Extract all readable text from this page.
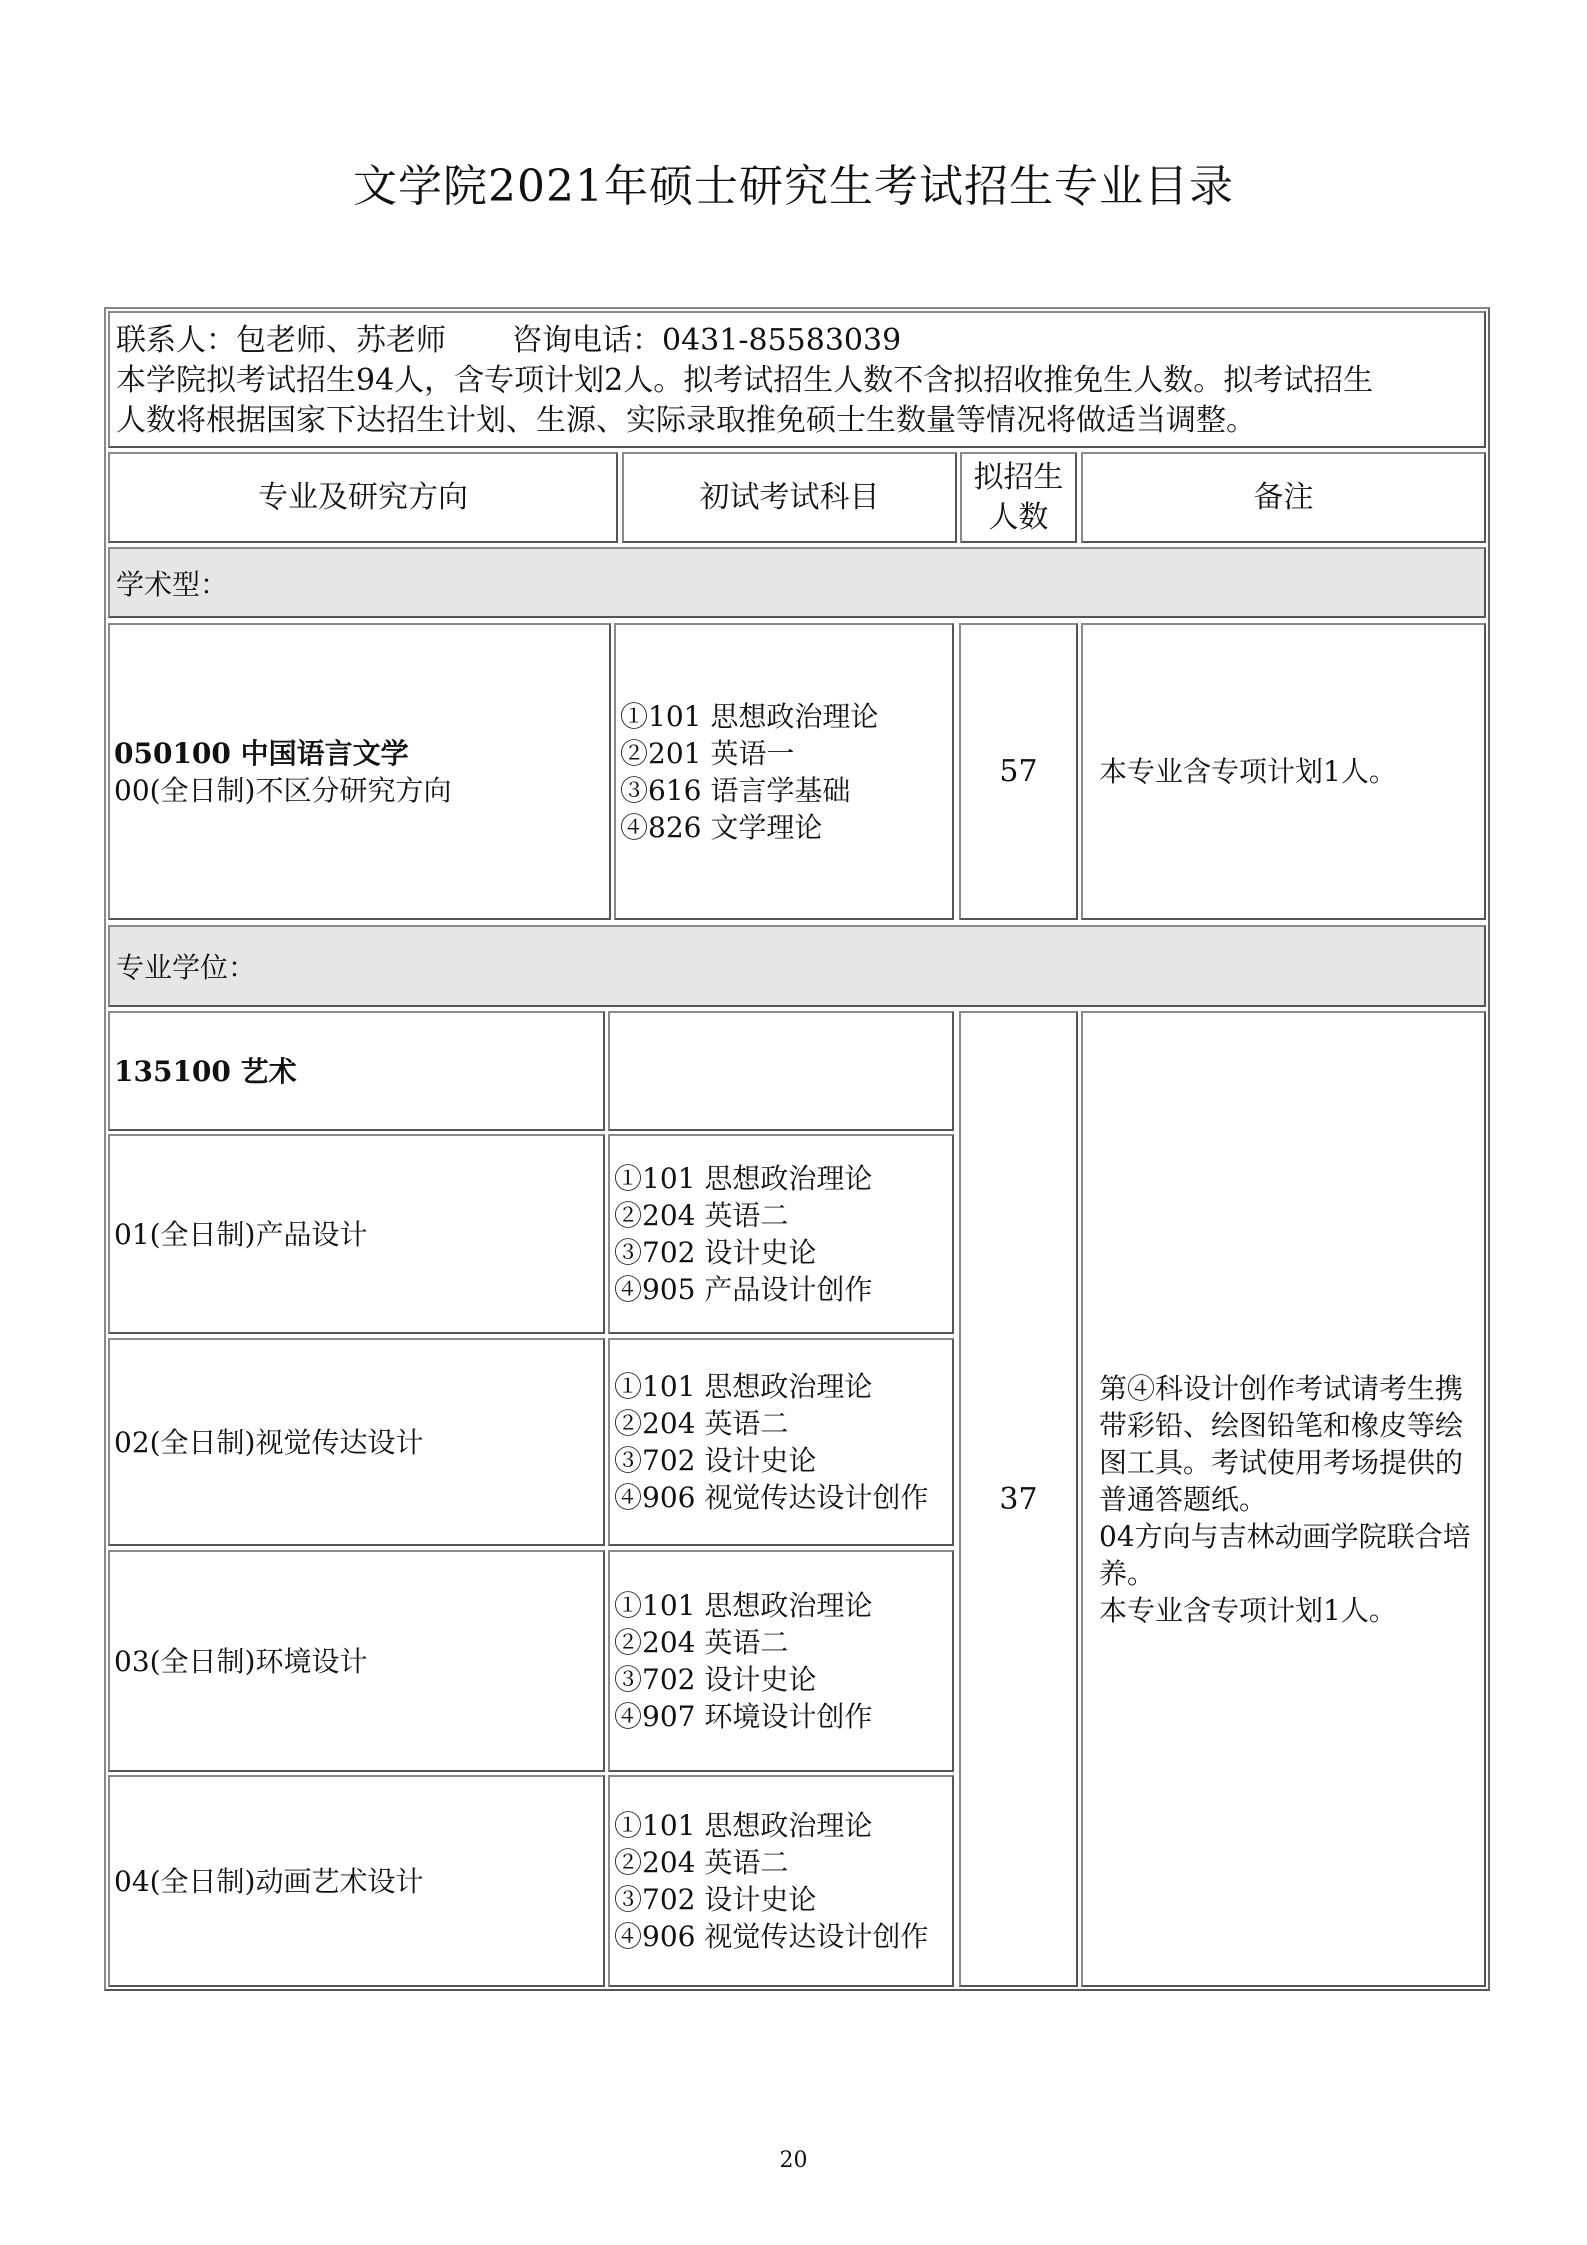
文学院2021年硕士研究生考试招生专业目录
联系人：包老师、苏老师 咨询电话：0431-85583039
本学院拟考试招生94人，含专项计划2人。拟考试招生人数不含拟招收推免生人数。拟考试招生
人数将根据国家下达招生计划、生源、实际录取推免硕士生数量等情况将做适当调整。
专业及研究方向	初试考试科目
拟招生
人数
备注
学术型：
050100 中国语言文学
00(全日制)不区分研究方向
①101 思想政治理论
②201 英语一
③616 语言学基础
④826 文学理论
57 本专业含专项计划1人。
专业学位：
135100 艺术
01(全日制)产品设计
①101 思想政治理论
②204 英语二
③702 设计史论
④905 产品设计创作
02(全日制)视觉传达设计
①101 思想政治理论
②204 英语二
③702 设计史论
④906 视觉传达设计创作
03(全日制)环境设计
①101 思想政治理论
②204 英语二
③702 设计史论
④907 环境设计创作
04(全日制)动画艺术设计
①101 思想政治理论
②204 英语二
③702 设计史论
④906 视觉传达设计创作
37
第④科设计创作考试请考生携
带彩铅、绘图铅笔和橡皮等绘
图工具。考试使用考场提供的
普通答题纸。
04方向与吉林动画学院联合培
养。
本专业含专项计划1人。
20
